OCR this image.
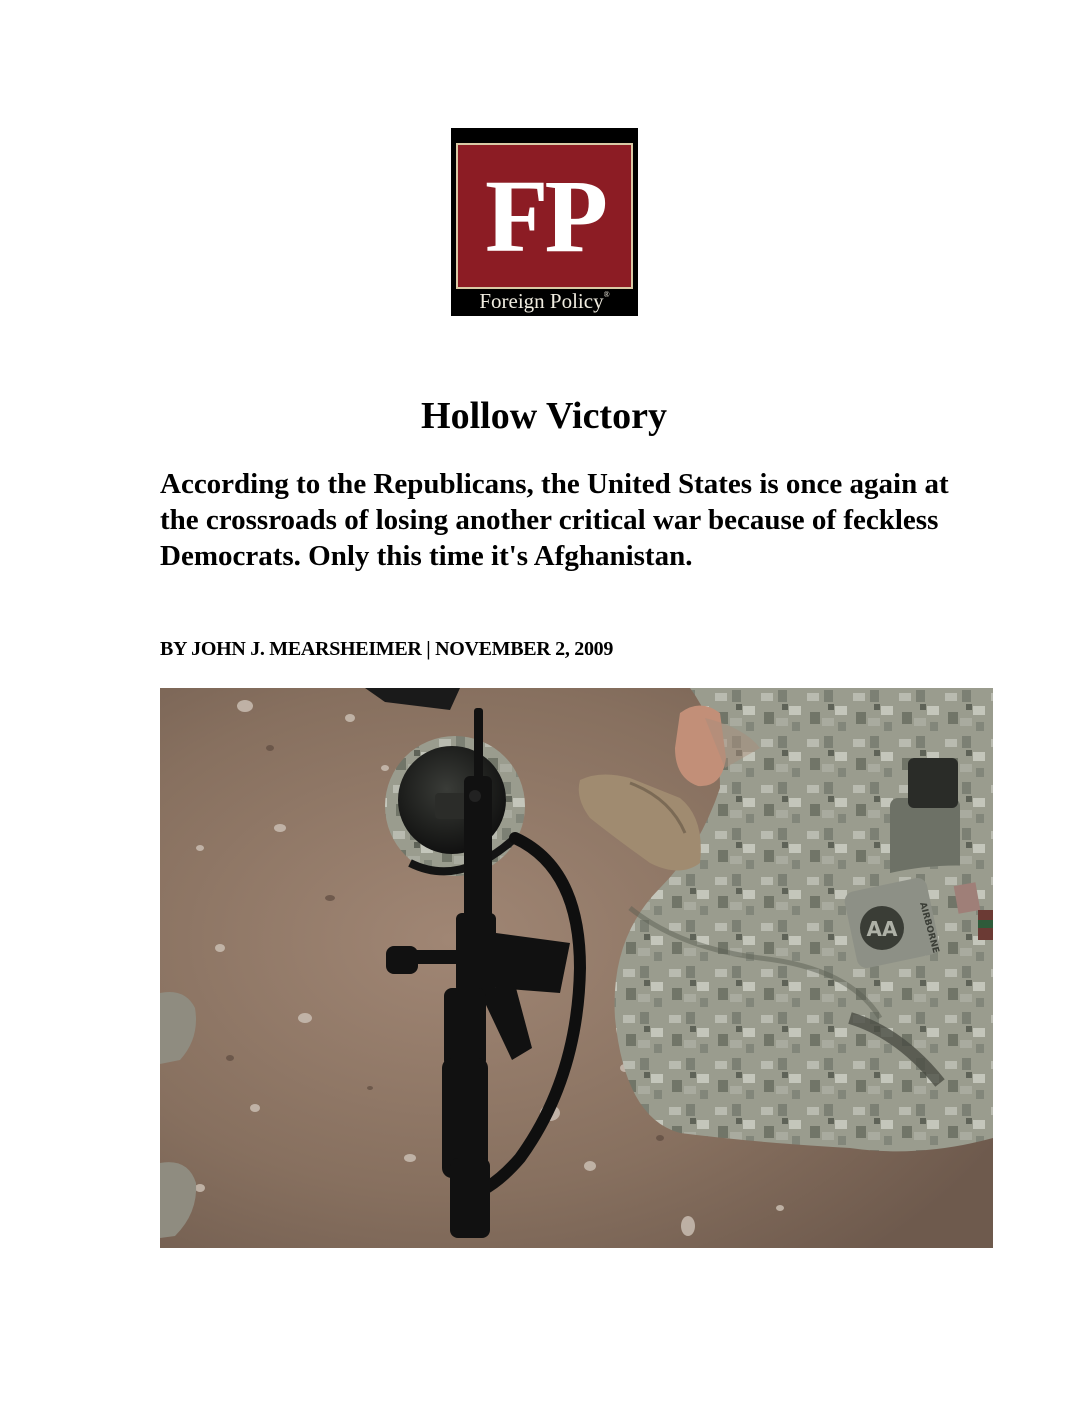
FP
Foreign Policy®
Hollow Victory

According to the Republicans, the United States is once again at the crossroads of losing another critical war because of feckless Democrats. Only this time it's Afghanistan.

BY JOHN J. MEARSHEIMER | NOVEMBER 2, 2009

AA AIRBORNE
